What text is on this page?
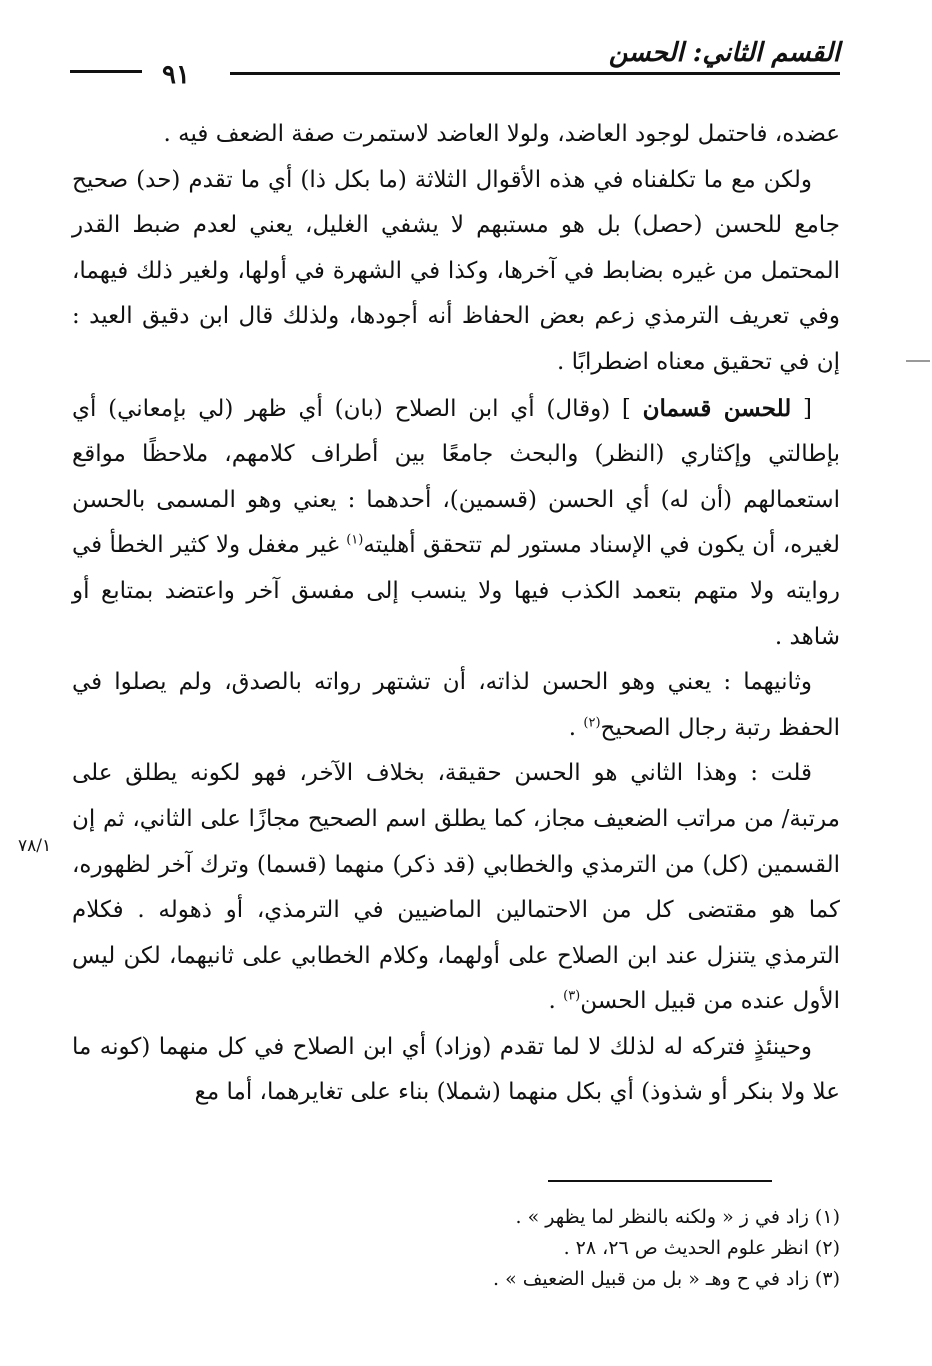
القسم الثاني: الحسن
٩١

عضده، فاحتمل لوجود العاضد، ولولا العاضد لاستمرت صفة الضعف فيه .

ولكن مع ما تكلفناه في هذه الأقوال الثلاثة (ما بكل ذا) أي ما تقدم (حد) صحيح جامع للحسن (حصل) بل هو مستبهم لا يشفي الغليل، يعني لعدم ضبط القدر المحتمل من غيره بضابط في آخرها، وكذا في الشهرة في أولها، ولغير ذلك فيهما، وفي تعريف الترمذي زعم بعض الحفاظ أنه أجودها، ولذلك قال ابن دقيق العيد : إن في تحقيق معناه اضطرابًا .

[ للحسن قسمان ] (وقال) أي ابن الصلاح (بان) أي ظهر (لي بإمعاني) أي بإطالتي وإكثاري (النظر) والبحث جامعًا بين أطراف كلامهم، ملاحظًا مواقع استعمالهم (أن له) أي الحسن (قسمين)، أحدهما : يعني وهو المسمى بالحسن لغيره، أن يكون في الإسناد مستور لم تتحقق أهليته$^{(١)}$ غير مغفل ولا كثير الخطأ في روايته ولا متهم بتعمد الكذب فيها ولا ينسب إلى مفسق آخر واعتضد بمتابع أو شاهد .

وثانيهما : يعني وهو الحسن لذاته، أن تشتهر رواته بالصدق، ولم يصلوا في الحفظ رتبة رجال الصحيح$^{(٢)}$ .

قلت : وهذا الثاني هو الحسن حقيقة، بخلاف الآخر، فهو لكونه يطلق على مرتبة/ من مراتب الضعيف مجاز، كما يطلق اسم الصحيح مجازًا على الثاني، ثم إن القسمين (كل) من الترمذي والخطابي (قد ذكر) منهما (قسما) وترك آخر لظهوره، كما هو مقتضى كل من الاحتمالين الماضيين في الترمذي، أو ذهوله . فكلام الترمذي يتنزل عند ابن الصلاح على أولهما، وكلام الخطابي على ثانيهما، لكن ليس الأول عنده من قبيل الحسن$^{(٣)}$ .

وحينئذٍ فتركه له لذلك لا لما تقدم (وزاد) أي ابن الصلاح في كل منهما (كونه ما علا ولا بنكر أو شذوذ) أي بكل منهما (شملا) بناء على تغايرهما، أما مع

٧٨/١
(١) زاد في ز « ولكنه بالنظر لما يظهر » .
(٢) انظر علوم الحديث ص ٢٦، ٢٨ .
(٣) زاد في ح وهـ « بل من قبيل الضعيف » .
